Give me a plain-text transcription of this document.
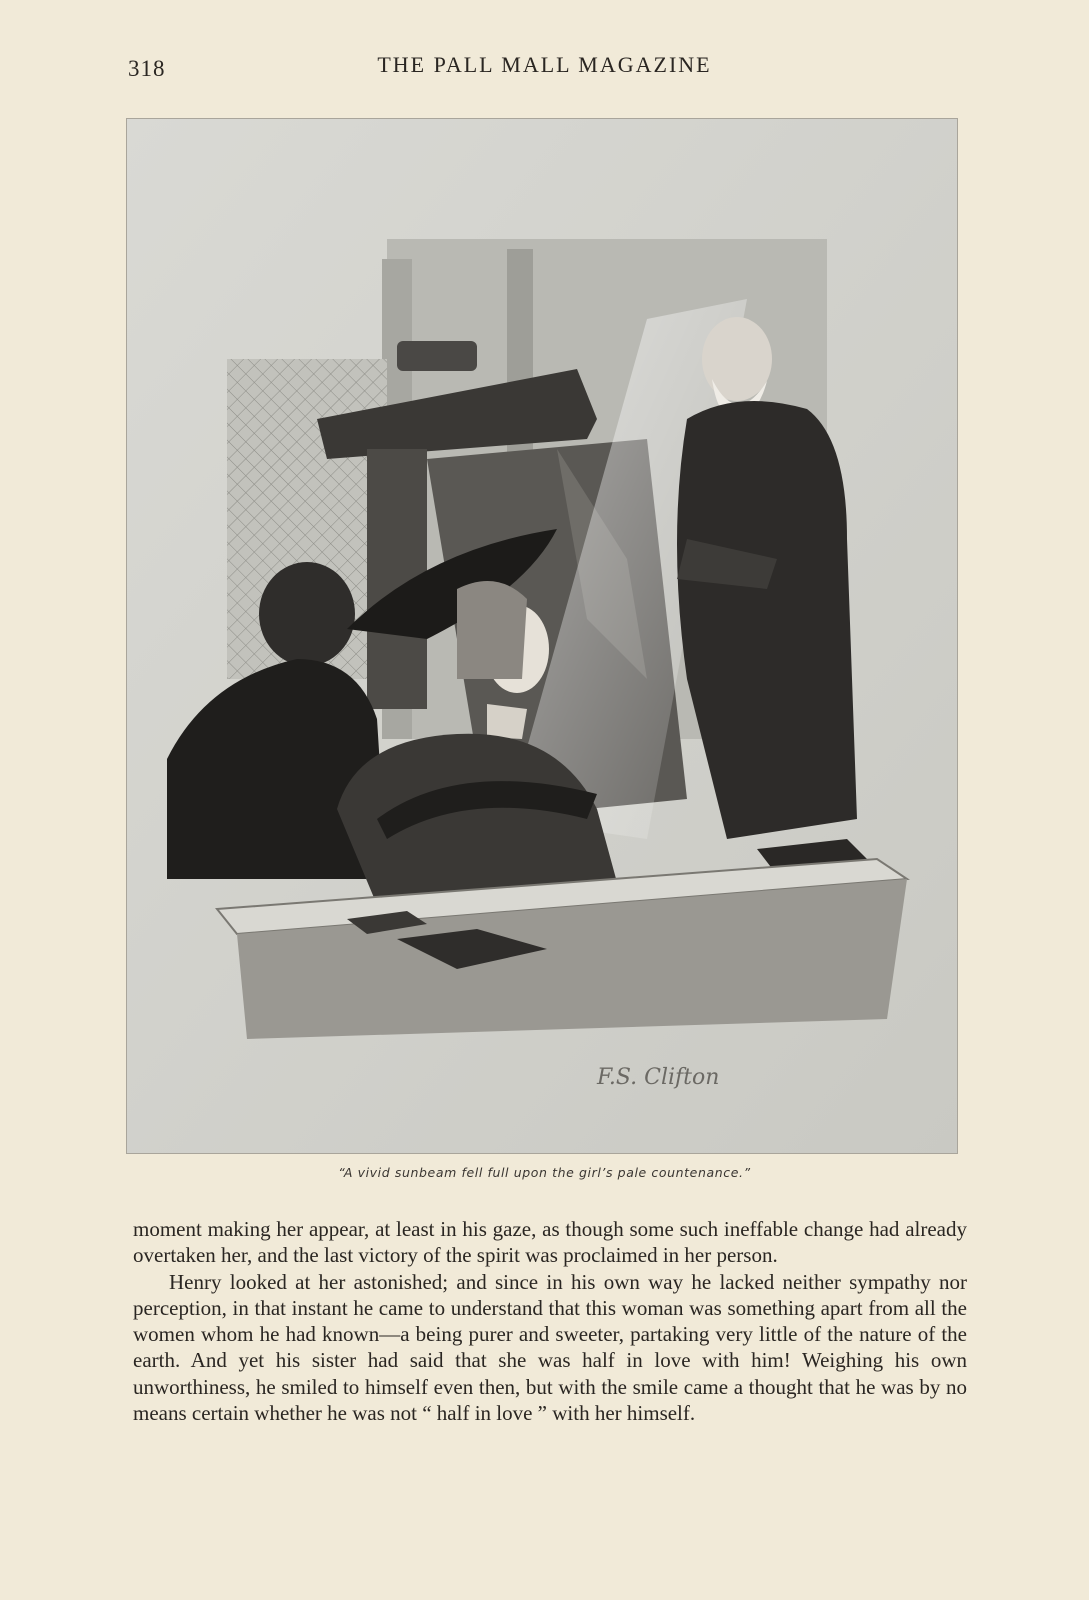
318	THE PALL MALL MAGAZINE
F.S. Clifton
“A vivid sunbeam fell full upon the girl’s pale countenance.”

moment making her appear, at least in his gaze, as though some such ineffable change had already overtaken her, and the last victory of the spirit was proclaimed in her person.

Henry looked at her astonished; and since in his own way he lacked neither sympathy nor perception, in that instant he came to understand that this woman was something apart from all the women whom he had known—a being purer and sweeter, partaking very little of the nature of the earth. And yet his sister had said that she was half in love with him! Weighing his own unworthiness, he smiled to himself even then, but with the smile came a thought that he was by no means certain whether he was not “ half in love ” with her himself.
